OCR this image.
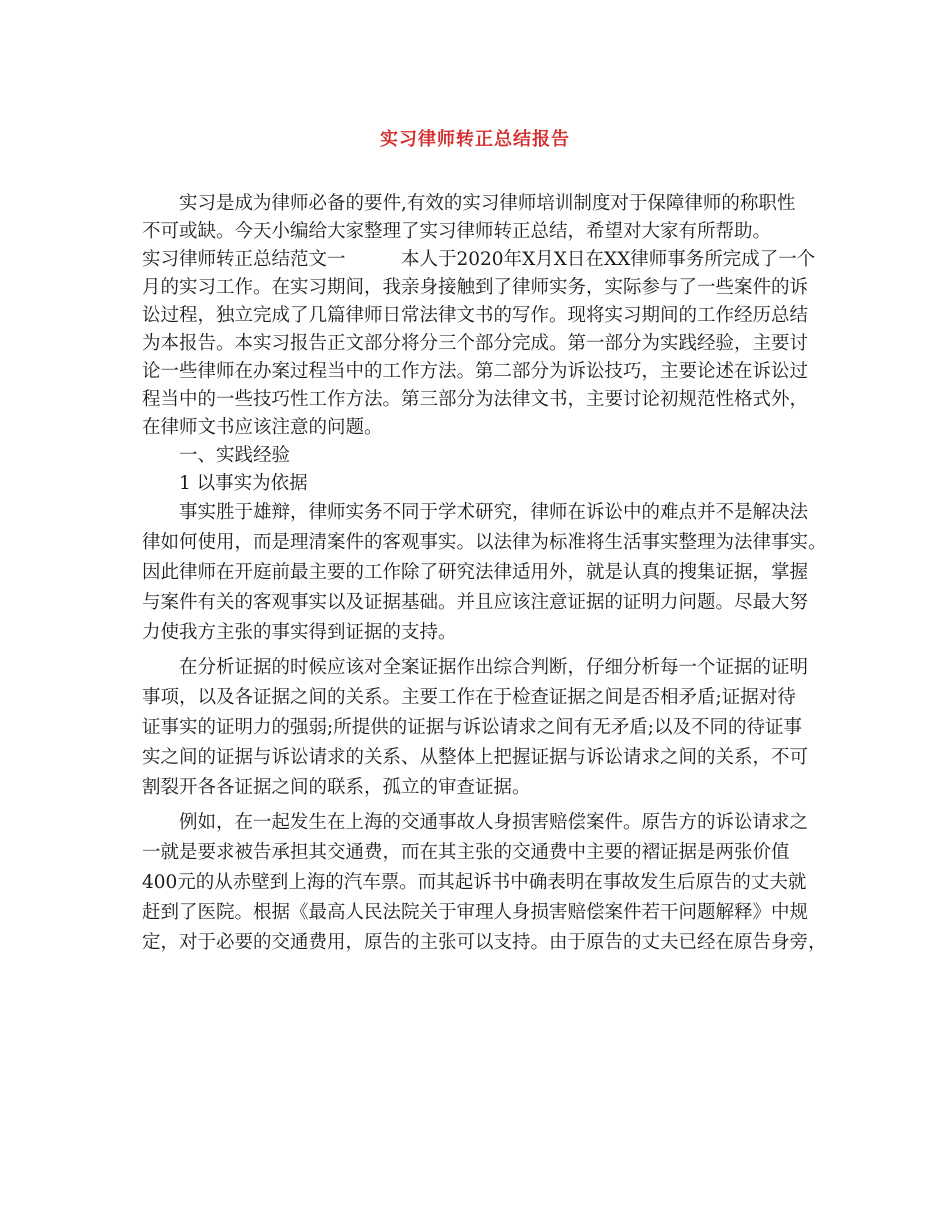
实习律师转正总结报告
　　实习是成为律师必备的要件,有效的实习律师培训制度对于保障律师的称职性
不可或缺。今天小编给大家整理了实习律师转正总结，希望对大家有所帮助。
实习律师转正总结范文一　　　本人于2020年X月X日在XX律师事务所完成了一个
月的实习工作。在实习期间，我亲身接触到了律师实务，实际参与了一些案件的诉
讼过程，独立完成了几篇律师日常法律文书的写作。现将实习期间的工作经历总结
为本报告。本实习报告正文部分将分三个部分完成。第一部分为实践经验，主要讨
论一些律师在办案过程当中的工作方法。第二部分为诉讼技巧，主要论述在诉讼过
程当中的一些技巧性工作方法。第三部分为法律文书，主要讨论初规范性格式外，
在律师文书应该注意的问题。
　　一、实践经验
　　1 以事实为依据
　　事实胜于雄辩，律师实务不同于学术研究，律师在诉讼中的难点并不是解决法
律如何使用，而是理清案件的客观事实。以法律为标准将生活事实整理为法律事实。
因此律师在开庭前最主要的工作除了研究法律适用外，就是认真的搜集证据，掌握
与案件有关的客观事实以及证据基础。并且应该注意证据的证明力问题。尽最大努
力使我方主张的事实得到证据的支持。
　　在分析证据的时候应该对全案证据作出综合判断，仔细分析每一个证据的证明
事项，以及各证据之间的关系。主要工作在于检查证据之间是否相矛盾;证据对待
证事实的证明力的强弱;所提供的证据与诉讼请求之间有无矛盾;以及不同的待证事
实之间的证据与诉讼请求的关系、从整体上把握证据与诉讼请求之间的关系，不可
割裂开各各证据之间的联系，孤立的审查证据。
　　例如，在一起发生在上海的交通事故人身损害赔偿案件。原告方的诉讼请求之
一就是要求被告承担其交通费，而在其主张的交通费中主要的褶证据是两张价值
400元的从赤壁到上海的汽车票。而其起诉书中确表明在事故发生后原告的丈夫就
赶到了医院。根据《最高人民法院关于审理人身损害赔偿案件若干问题解释》中规
定，对于必要的交通费用，原告的主张可以支持。由于原告的丈夫已经在原告身旁，
